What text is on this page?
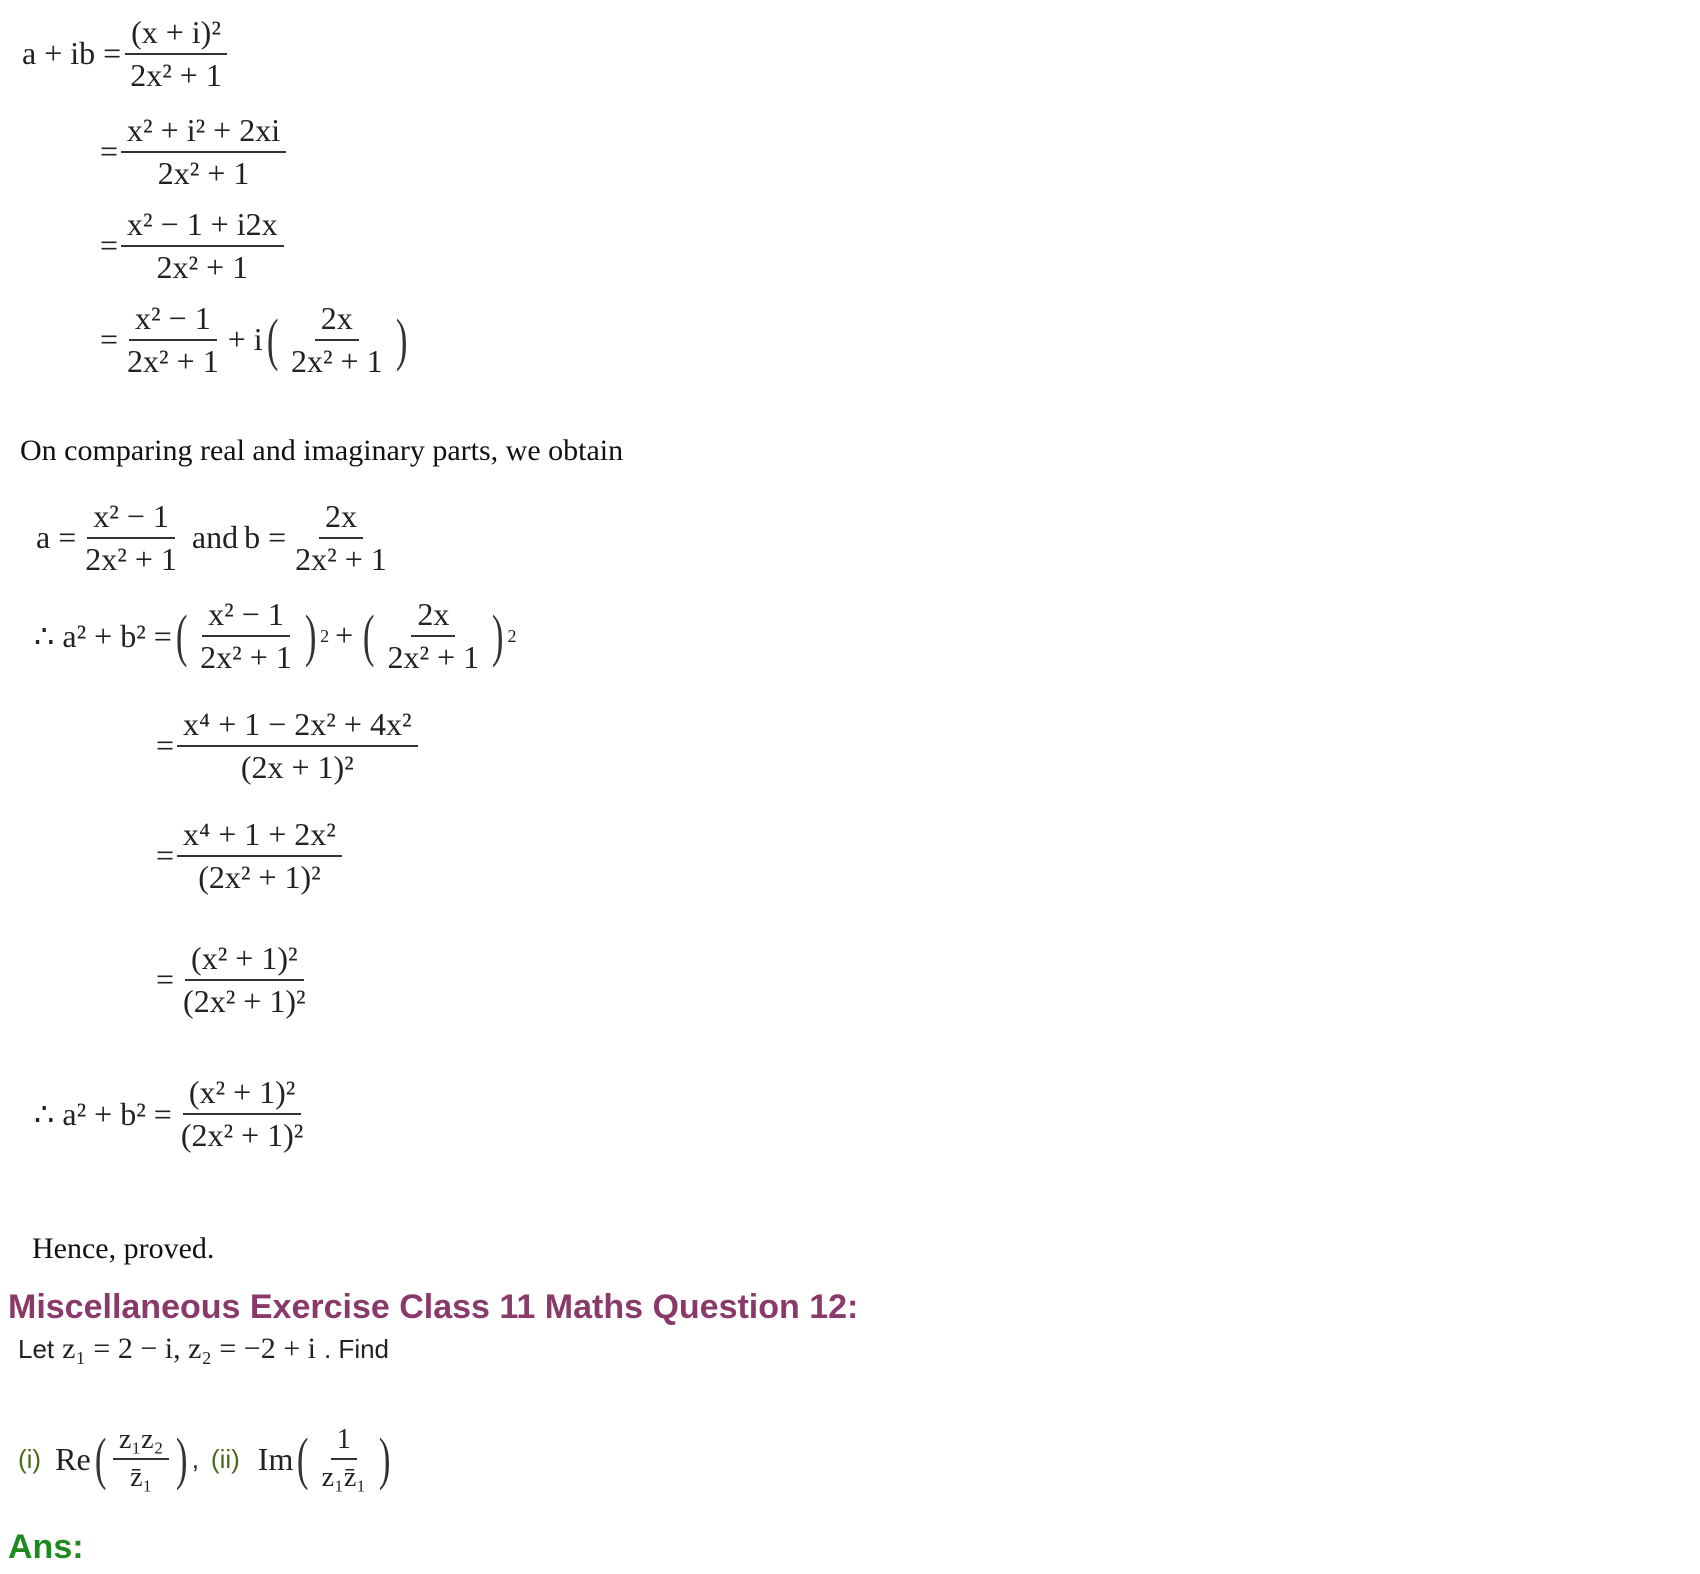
a + ib = $\frac{\text{(x + i)²}}{\text{2x² + 1}}$
= $\frac{\text{x² + i² + 2xi}}{\text{2x² + 1}}$
= $\frac{\text{x² − 1 + i2x}}{\text{2x² + 1}}$
= $\frac{\text{x² − 1}}{\text{2x² + 1}} + i$ ( $\frac{2x}{\text{2x² + 1}}$ )
On comparing real and imaginary parts, we obtain
$a = \frac{\text{x² − 1}}{\text{2x² + 1}}$ and $b = \frac{2x}{\text{2x² + 1}}$
∴ a² + b² = ( $\frac{\text{x² − 1}}{\text{2x² + 1}}$ ) 2 + ( $\frac{2x}{\text{2x² + 1}}$ ) 2
= $\frac{\text{x⁴ + 1 − 2x² + 4x²}}{\text{(2x + 1)²}}$
= $\frac{\text{x⁴ + 1 + 2x²}}{\text{(2x² + 1)²}}$
= $\frac{\text{(x² + 1)²}}{\text{(2x² + 1)²}}$
∴ $a^2 + b^2 = \frac{\text{(x² + 1)²}}{\text{(2x² + 1)²}}$
Hence, proved.
Miscellaneous Exercise Class 11 Maths Question 12:
Let z₁ = 2 − i, z₂ = −2 + i . Find
(i) Re ( $\frac{\text{z₁z₂}}{\text{z̄₁}}$ ) , (ii) Im ( $\frac{1}{\text{z₁z̄₁}}$ )
Ans:
